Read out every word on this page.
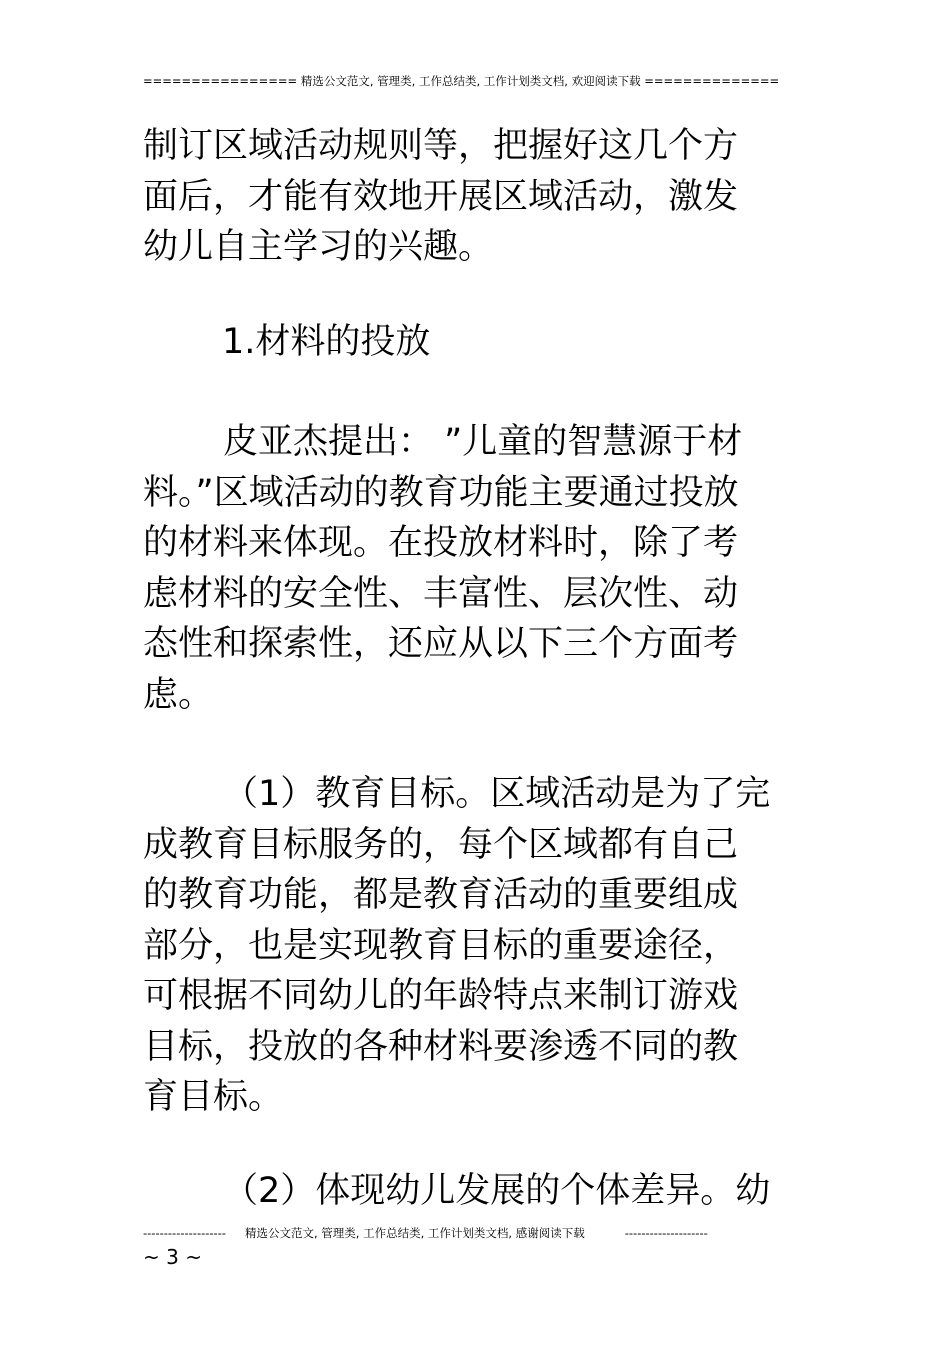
================ 精选公文范文, 管理类, 工作总结类, 工作计划类文档, 欢迎阅读下载 ==============
制订区域活动规则等，把握好这几个方
面后，才能有效地开展区域活动，激发
幼儿自主学习的兴趣。
1.材料的投放
皮亚杰提出： ”儿童的智慧源于材
料。”区域活动的教育功能主要通过投放
的材料来体现。在投放材料时，除了考
虑材料的安全性、丰富性、层次性、动
态性和探索性，还应从以下三个方面考
虑。
（1）教育目标。区域活动是为了完
成教育目标服务的，每个区域都有自己
的教育功能，都是教育活动的重要组成
部分，也是实现教育目标的重要途径，
可根据不同幼儿的年龄特点来制订游戏
目标，投放的各种材料要渗透不同的教
育目标。
（2）体现幼儿发展的个体差异。幼
-------------------- 精选公文范文, 管理类, 工作总结类, 工作计划类文档, 感谢阅读下载	--------------------
~ 3 ~
